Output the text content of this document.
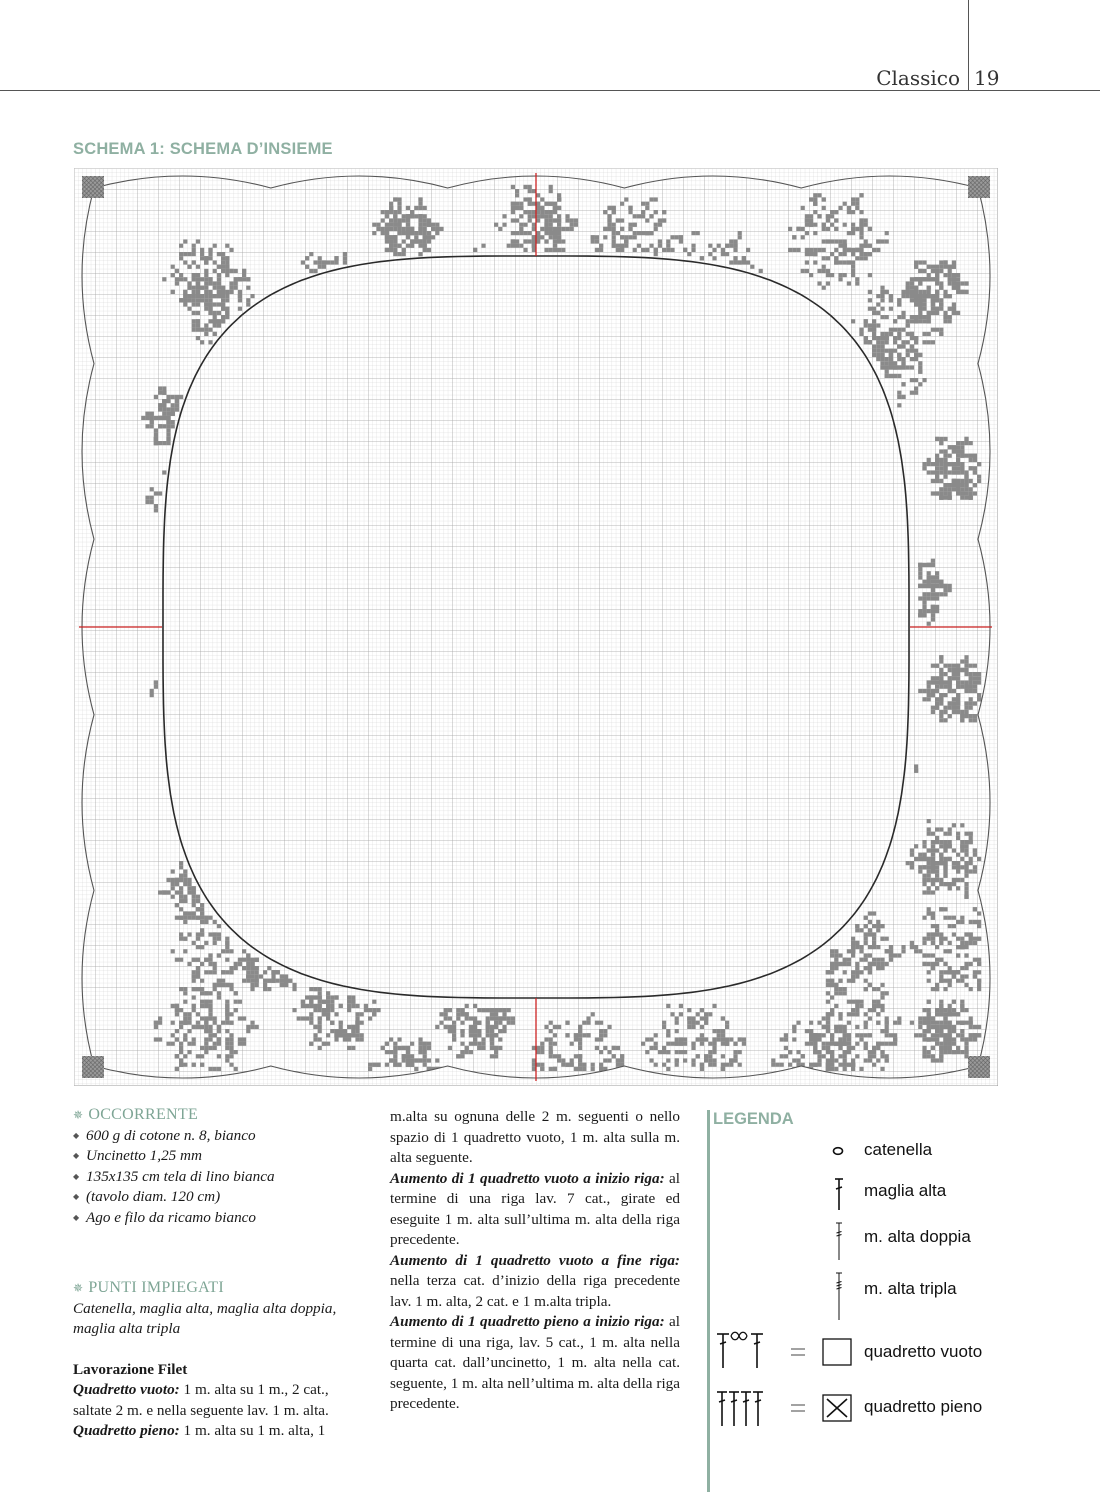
Classico 19
SCHEMA 1: SCHEMA D’INSIEME

✵ OCCORRENTE

◆ 600 g di cotone n. 8, bianco
◆ Uncinetto 1,25 mm
◆ 135x135 cm tela di lino bianca
◆ (tavolo diam. 120 cm)
◆ Ago e filo da ricamo bianco

✵ PUNTI IMPIEGATI

Catenella, maglia alta, maglia alta doppia, maglia alta tripla

Lavorazione Filet

Quadretto vuoto: 1 m. alta su 1 m., 2 cat., saltate 2 m. e nella seguente lav. 1 m. alta.

Quadretto pieno: 1 m. alta su 1 m. alta, 1

m.alta su ognuna delle 2 m. seguenti o nello spazio di 1 quadretto vuoto, 1 m. alta sulla m. alta seguente.

Aumento di 1 quadretto vuoto a inizio riga: al termine di una riga lav. 7 cat., girate ed eseguite 1 m. alta sull’ultima m. alta della riga precedente.

Aumento di 1 quadretto vuoto a fine riga: nella terza cat. d’inizio della riga precedente lav. 1 m. alta, 2 cat. e 1 m.alta tripla.

Aumento di 1 quadretto pieno a inizio riga: al termine di una riga, lav. 5 cat., 1 m. alta nella quarta cat. dall’uncinetto, 1 m. alta nella cat. seguente, 1 m. alta nell’ultima m. alta della riga precedente.

LEGENDA
catenella
maglia alta
m. alta doppia
m. alta tripla
quadretto vuoto
quadretto pieno
